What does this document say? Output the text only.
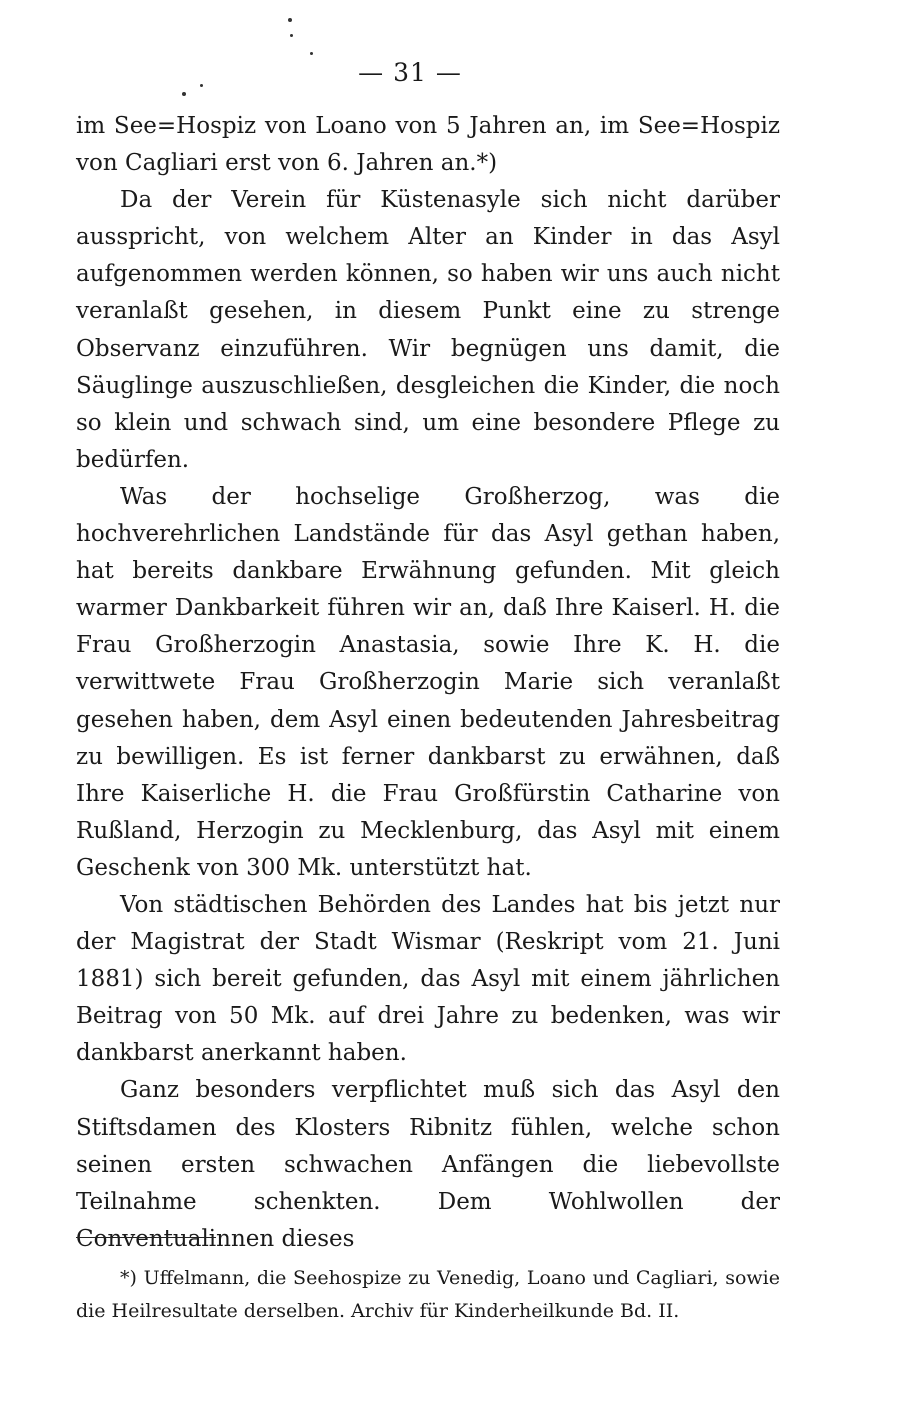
— 31 —

im See=Hospiz von Loano von 5 Jahren an, im See=Hospiz von Cagliari erst von 6. Jahren an.*)

Da der Verein für Küstenasyle sich nicht darüber ausspricht, von welchem Alter an Kinder in das Asyl aufgenommen werden können, so haben wir uns auch nicht veranlaßt gesehen, in diesem Punkt eine zu strenge Observanz einzuführen. Wir begnügen uns damit, die Säuglinge auszuschließen, desgleichen die Kinder, die noch so klein und schwach sind, um eine besondere Pflege zu bedürfen.

Was der hochselige Großherzog, was die hochverehrlichen Landstände für das Asyl gethan haben, hat bereits dankbare Erwähnung gefunden. Mit gleich warmer Dankbarkeit führen wir an, daß Ihre Kaiserl. H. die Frau Großherzogin Anastasia, sowie Ihre K. H. die verwittwete Frau Großherzogin Marie sich veranlaßt gesehen haben, dem Asyl einen bedeutenden Jahresbeitrag zu bewilligen. Es ist ferner dankbarst zu erwähnen, daß Ihre Kaiserliche H. die Frau Großfürstin Catharine von Rußland, Herzogin zu Mecklenburg, das Asyl mit einem Geschenk von 300 Mk. unterstützt hat.

Von städtischen Behörden des Landes hat bis jetzt nur der Magistrat der Stadt Wismar (Reskript vom 21. Juni 1881) sich bereit gefunden, das Asyl mit einem jährlichen Beitrag von 50 Mk. auf drei Jahre zu bedenken, was wir dankbarst anerkannt haben.

Ganz besonders verpflichtet muß sich das Asyl den Stiftsdamen des Klosters Ribnitz fühlen, welche schon seinen ersten schwachen Anfängen die liebevollste Teilnahme schenkten. Dem Wohlwollen der Conventualinnen dieses

*) Uffelmann, die Seehospize zu Venedig, Loano und Cagliari, sowie die Heilresultate derselben. Archiv für Kinderheilkunde Bd. II.
